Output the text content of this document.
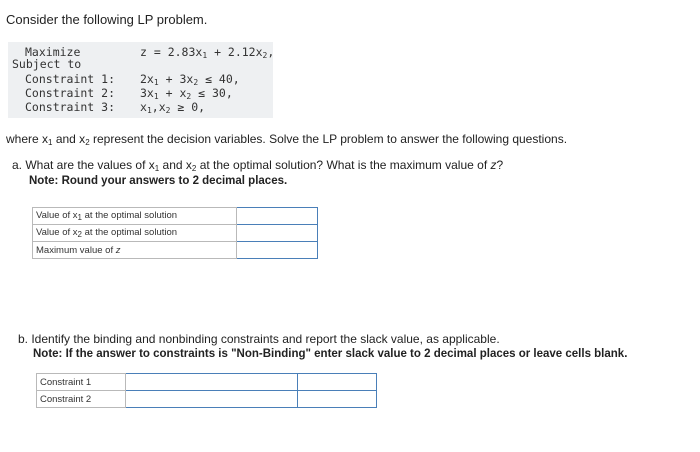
Consider the following LP problem.
Maximize	$z = 2.83x_1 + 2.12x_2$,
Subject to
Constraint 1: $2x_1 + 3x_2 \le 40$,
Constraint 2: $3x_1 + x_2 \le 30$,
Constraint 3: $x_1,x_2 \ge 0$,
where $x_1$ and $x_2$ represent the decision variables. Solve the LP problem to answer the following questions.
a. What are the values of $x_1$ and $x_2$ at the optimal solution? What is the maximum value of z?
Note: Round your answers to 2 decimal places.
Value of $x_1$ at the optimal solution	
Value of $x_2$ at the optimal solution	
Maximum value of z	
b. Identify the binding and nonbinding constraints and report the slack value, as applicable.
Note: If the answer to constraints is "Non-Binding" enter slack value to 2 decimal places or leave cells blank.
Constraint 1		
Constraint 2		
